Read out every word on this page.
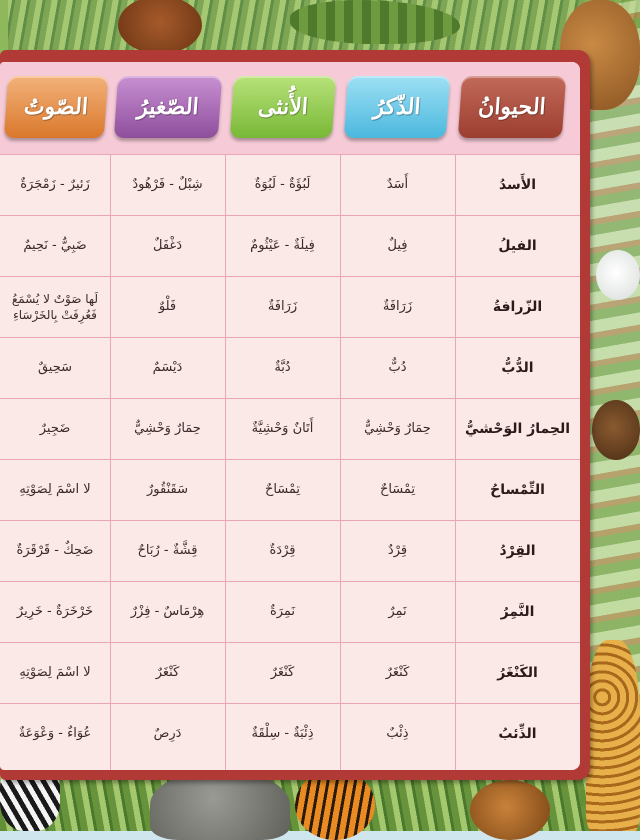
الحيوانُ
الذّكرُ
الأُنثى
الصّغيرُ
الصّوتُ
الأَسدُ
أَسَدٌ
لَبُؤَةٌ - لَبُوَةٌ
شِبْلٌ - فَرْهُودٌ
زَئيرٌ - زَمْجَرَةٌ
الفيلُ
فِيلٌ
فِيلَةٌ - عَيْثُومٌ
دَغْفَلٌ
ضَبِيٌّ - نَحِيمٌ
الزّرافةُ
زَرَافَةٌ
زَرَافَةٌ
فَلْوٌ
لَها صَوْتٌ لا يُسْمَعُ فَعُرِفَتْ بِالخَرْسَاءِ
الدُّبُّ
دُبٌّ
دُبَّةٌ
دَيْسَمٌ
سَحِيقٌ
الحِمارُ الوَحْشيُّ
حِمَارٌ وَحْشِيٌّ
أَتَانٌ وَحْشِيَّةٌ
حِمَارٌ وَحْشِيٌّ
ضَجِيرٌ
التِّمْساحُ
تِمْسَاحٌ
تِمْسَاحٌ
سَقَنْقُورٌ
لا اسْمَ لِصَوْتِهِ
القِرْدُ
قِرْدٌ
قِرْدَةٌ
قِشَّةٌ - رُبَاحٌ
ضَحِكٌ - قَرْقَرَةٌ
النَّمِرُ
نَمِرٌ
نَمِرَةٌ
هِرْمَاسٌ - فِزْرٌ
خَرْخَرَةٌ - خَرِيرٌ
الكَنْغَرُ
كَنْغَرٌ
كَنْغَرٌ
كَنْغَرٌ
لا اسْمَ لِصَوْتِهِ
الذِّئبُ
ذِئْبٌ
ذِئْبَةٌ - سِلْقَةٌ
دَرِصٌ
عُوَاءٌ - وَعْوَعَةٌ
